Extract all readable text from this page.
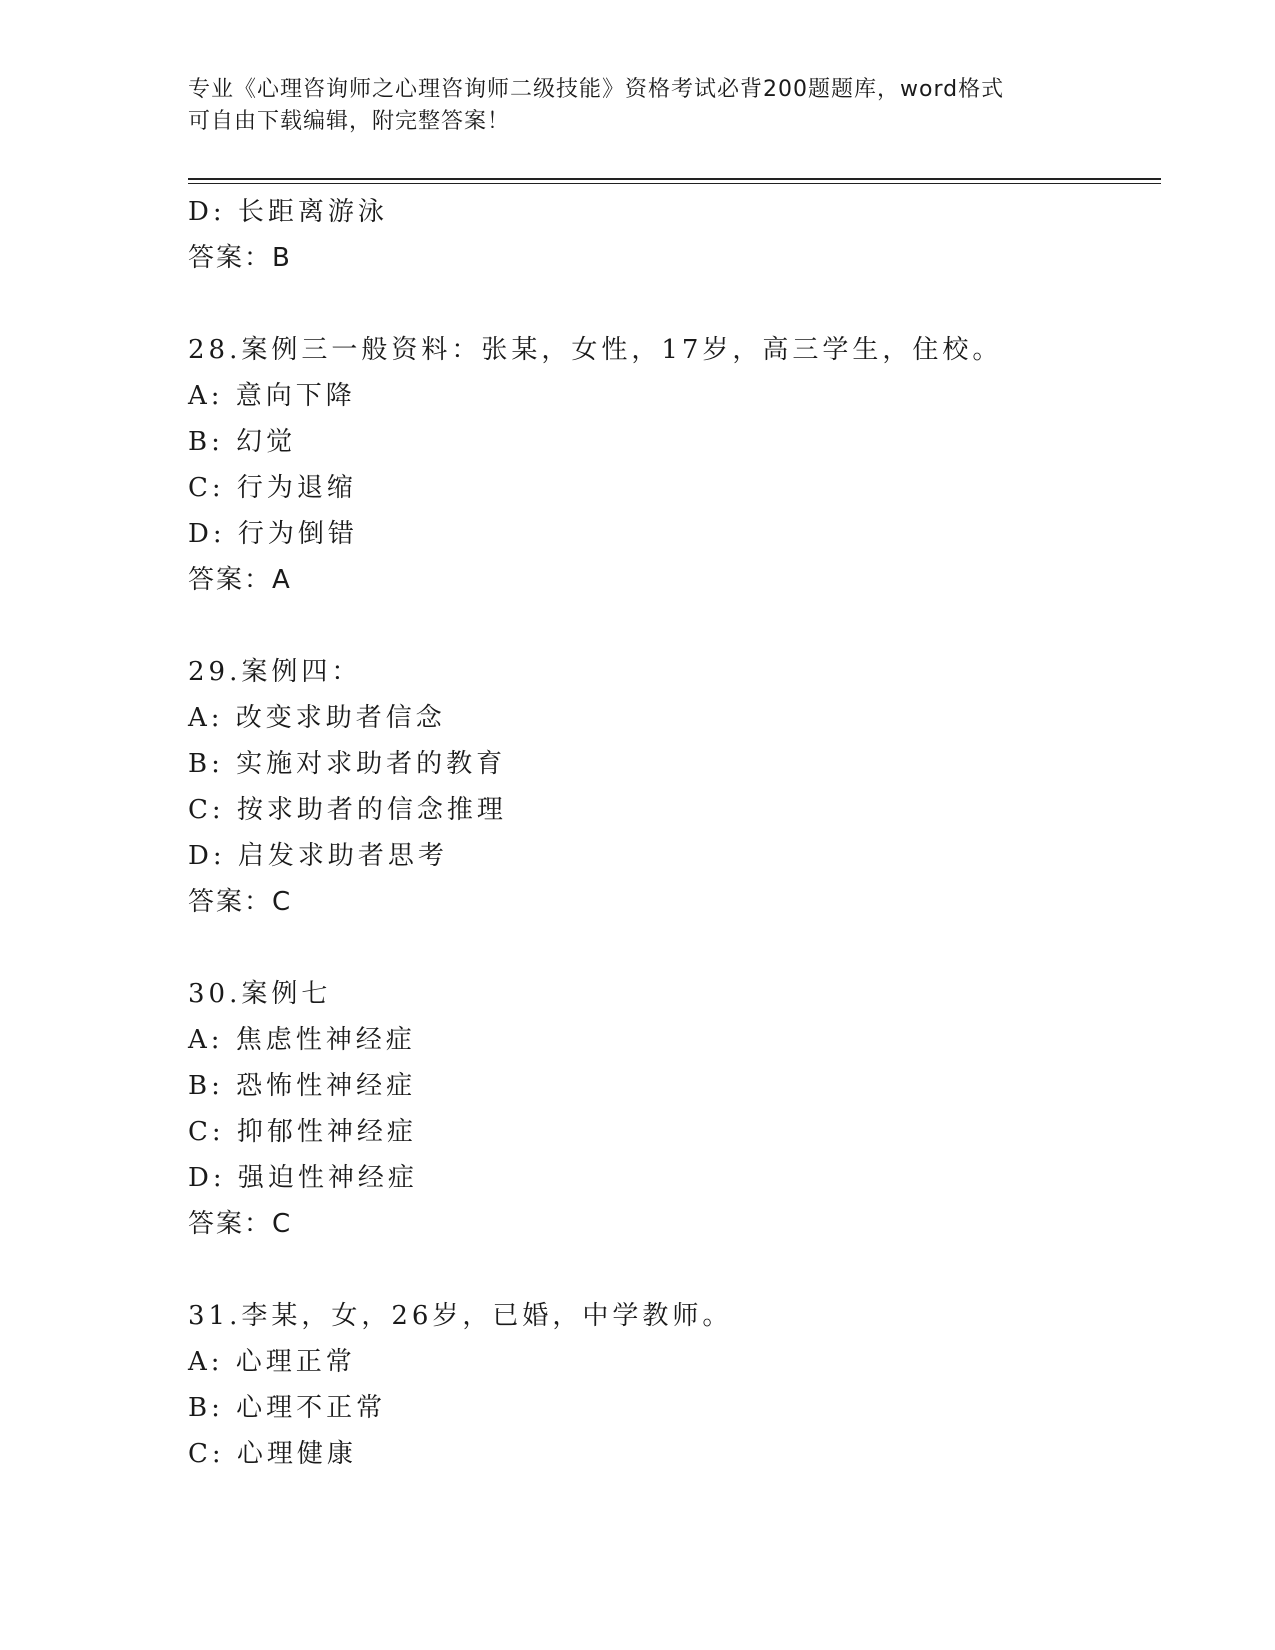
专业《心理咨询师之心理咨询师二级技能》资格考试必背200题题库，word格式
可自由下载编辑，附完整答案！
D: 长距离游泳
答案：B
28.案例三一般资料：张某，女性，17岁，高三学生，住校。
A: 意向下降
B: 幻觉
C: 行为退缩
D: 行为倒错
答案：A
29.案例四：
A: 改变求助者信念
B: 实施对求助者的教育
C: 按求助者的信念推理
D: 启发求助者思考
答案：C
30.案例七
A: 焦虑性神经症
B: 恐怖性神经症
C: 抑郁性神经症
D: 强迫性神经症
答案：C
31.李某，女，26岁，已婚，中学教师。
A: 心理正常
B: 心理不正常
C: 心理健康
